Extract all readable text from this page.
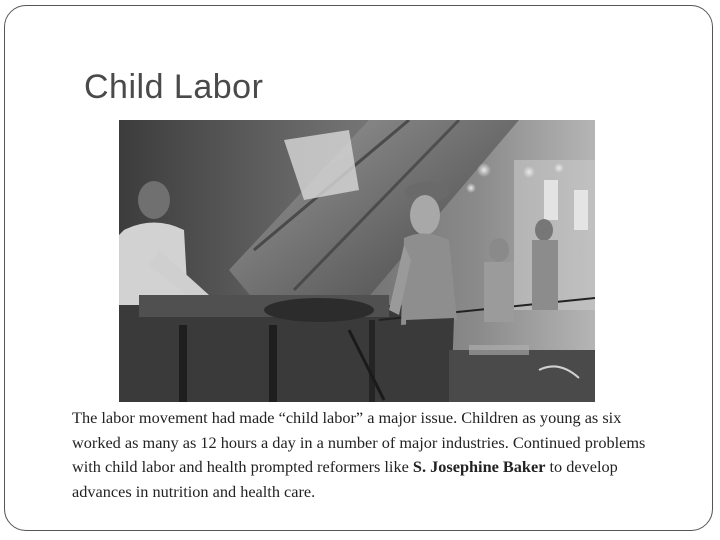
Child Labor
The labor movement had made “child labor” a major issue. Children as young as six worked as many as 12 hours a day in a number of major industries. Continued problems with child labor and health prompted reformers like S. Josephine Baker to develop advances in nutrition and health care.
